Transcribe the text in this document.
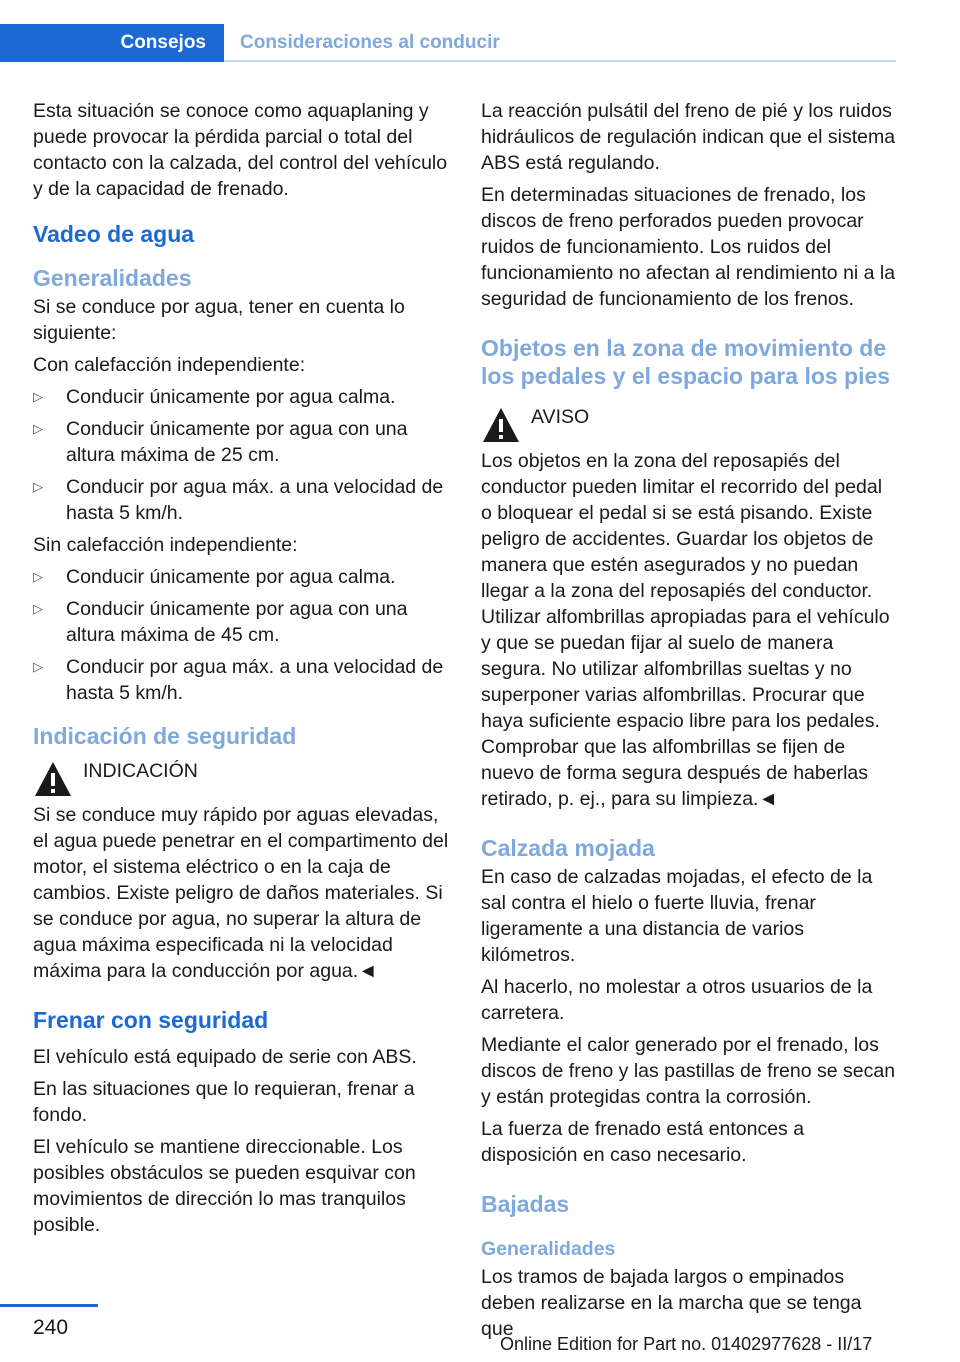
Consejos	Consideraciones al conducir

Esta situación se conoce como aquaplaning y puede provocar la pérdida parcial o total del contacto con la calzada, del control del vehículo y de la capacidad de frenado.

Vadeo de agua
Generalidades

Si se conduce por agua, tener en cuenta lo siguiente:

Con calefacción independiente:

▷ Conducir únicamente por agua calma.
▷ Conducir únicamente por agua con una altura máxima de 25 cm.
▷ Conducir por agua máx. a una velocidad de hasta 5 km/h.

Sin calefacción independiente:

▷ Conducir únicamente por agua calma.
▷ Conducir únicamente por agua con una altura máxima de 45 cm.
▷ Conducir por agua máx. a una velocidad de hasta 5 km/h.
Indicación de seguridad
INDICACIÓN

Si se conduce muy rápido por aguas elevadas, el agua puede penetrar en el compartimento del motor, el sistema eléctrico o en la caja de cambios. Existe peligro de daños materiales. Si se conduce por agua, no superar la altura de agua máxima especificada ni la velocidad máxima para la conducción por agua.◄

Frenar con seguridad

El vehículo está equipado de serie con ABS.

En las situaciones que lo requieran, frenar a fondo.

El vehículo se mantiene direccionable. Los posibles obstáculos se pueden esquivar con movimientos de dirección lo mas tranquilos posible.

La reacción pulsátil del freno de pié y los ruidos hidráulicos de regulación indican que el sistema ABS está regulando.

En determinadas situaciones de frenado, los discos de freno perforados pueden provocar ruidos de funcionamiento. Los ruidos del funcionamiento no afectan al rendimiento ni a la seguridad de funcionamiento de los frenos.

Objetos en la zona de movimiento de los pedales y el espacio para los pies
AVISO

Los objetos en la zona del reposapiés del conductor pueden limitar el recorrido del pedal o bloquear el pedal si se está pisando. Existe peligro de accidentes. Guardar los objetos de manera que estén asegurados y no puedan llegar a la zona del reposapiés del conductor. Utilizar alfombrillas apropiadas para el vehículo y que se puedan fijar al suelo de manera segura. No utilizar alfombrillas sueltas y no superponer varias alfombrillas. Procurar que haya suficiente espacio libre para los pedales. Comprobar que las alfombrillas se fijen de nuevo de forma segura después de haberlas retirado, p. ej., para su limpieza.◄

Calzada mojada

En caso de calzadas mojadas, el efecto de la sal contra el hielo o fuerte lluvia, frenar ligeramente a una distancia de varios kilómetros.

Al hacerlo, no molestar a otros usuarios de la carretera.

Mediante el calor generado por el frenado, los discos de freno y las pastillas de freno se secan y están protegidas contra la corrosión.

La fuerza de frenado está entonces a disposición en caso necesario.

Bajadas
Generalidades

Los tramos de bajada largos o empinados deben realizarse en la marcha que se tenga que

240
Online Edition for Part no. 01402977628 - II/17
